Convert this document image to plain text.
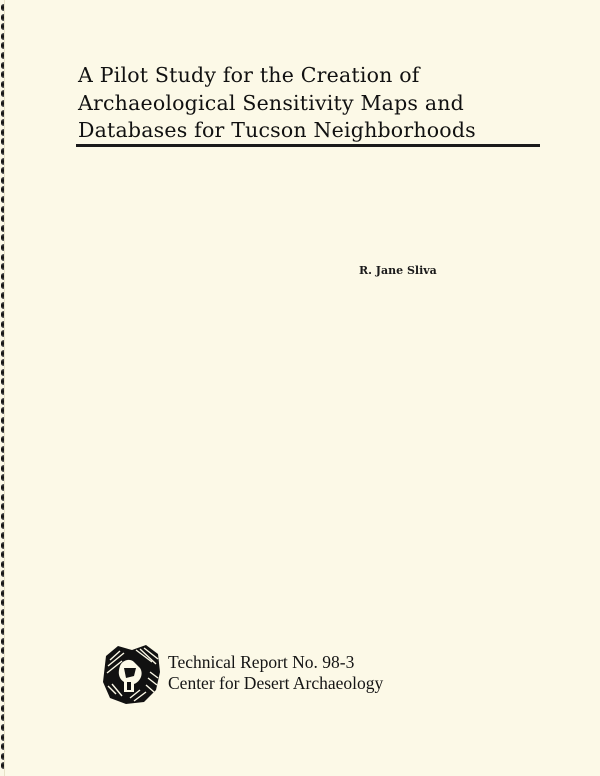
A Pilot Study for the Creation of
Archaeological Sensitivity Maps and
Databases for Tucson Neighborhoods
R. Jane Sliva
Technical Report No. 98-3
Center for Desert Archaeology
